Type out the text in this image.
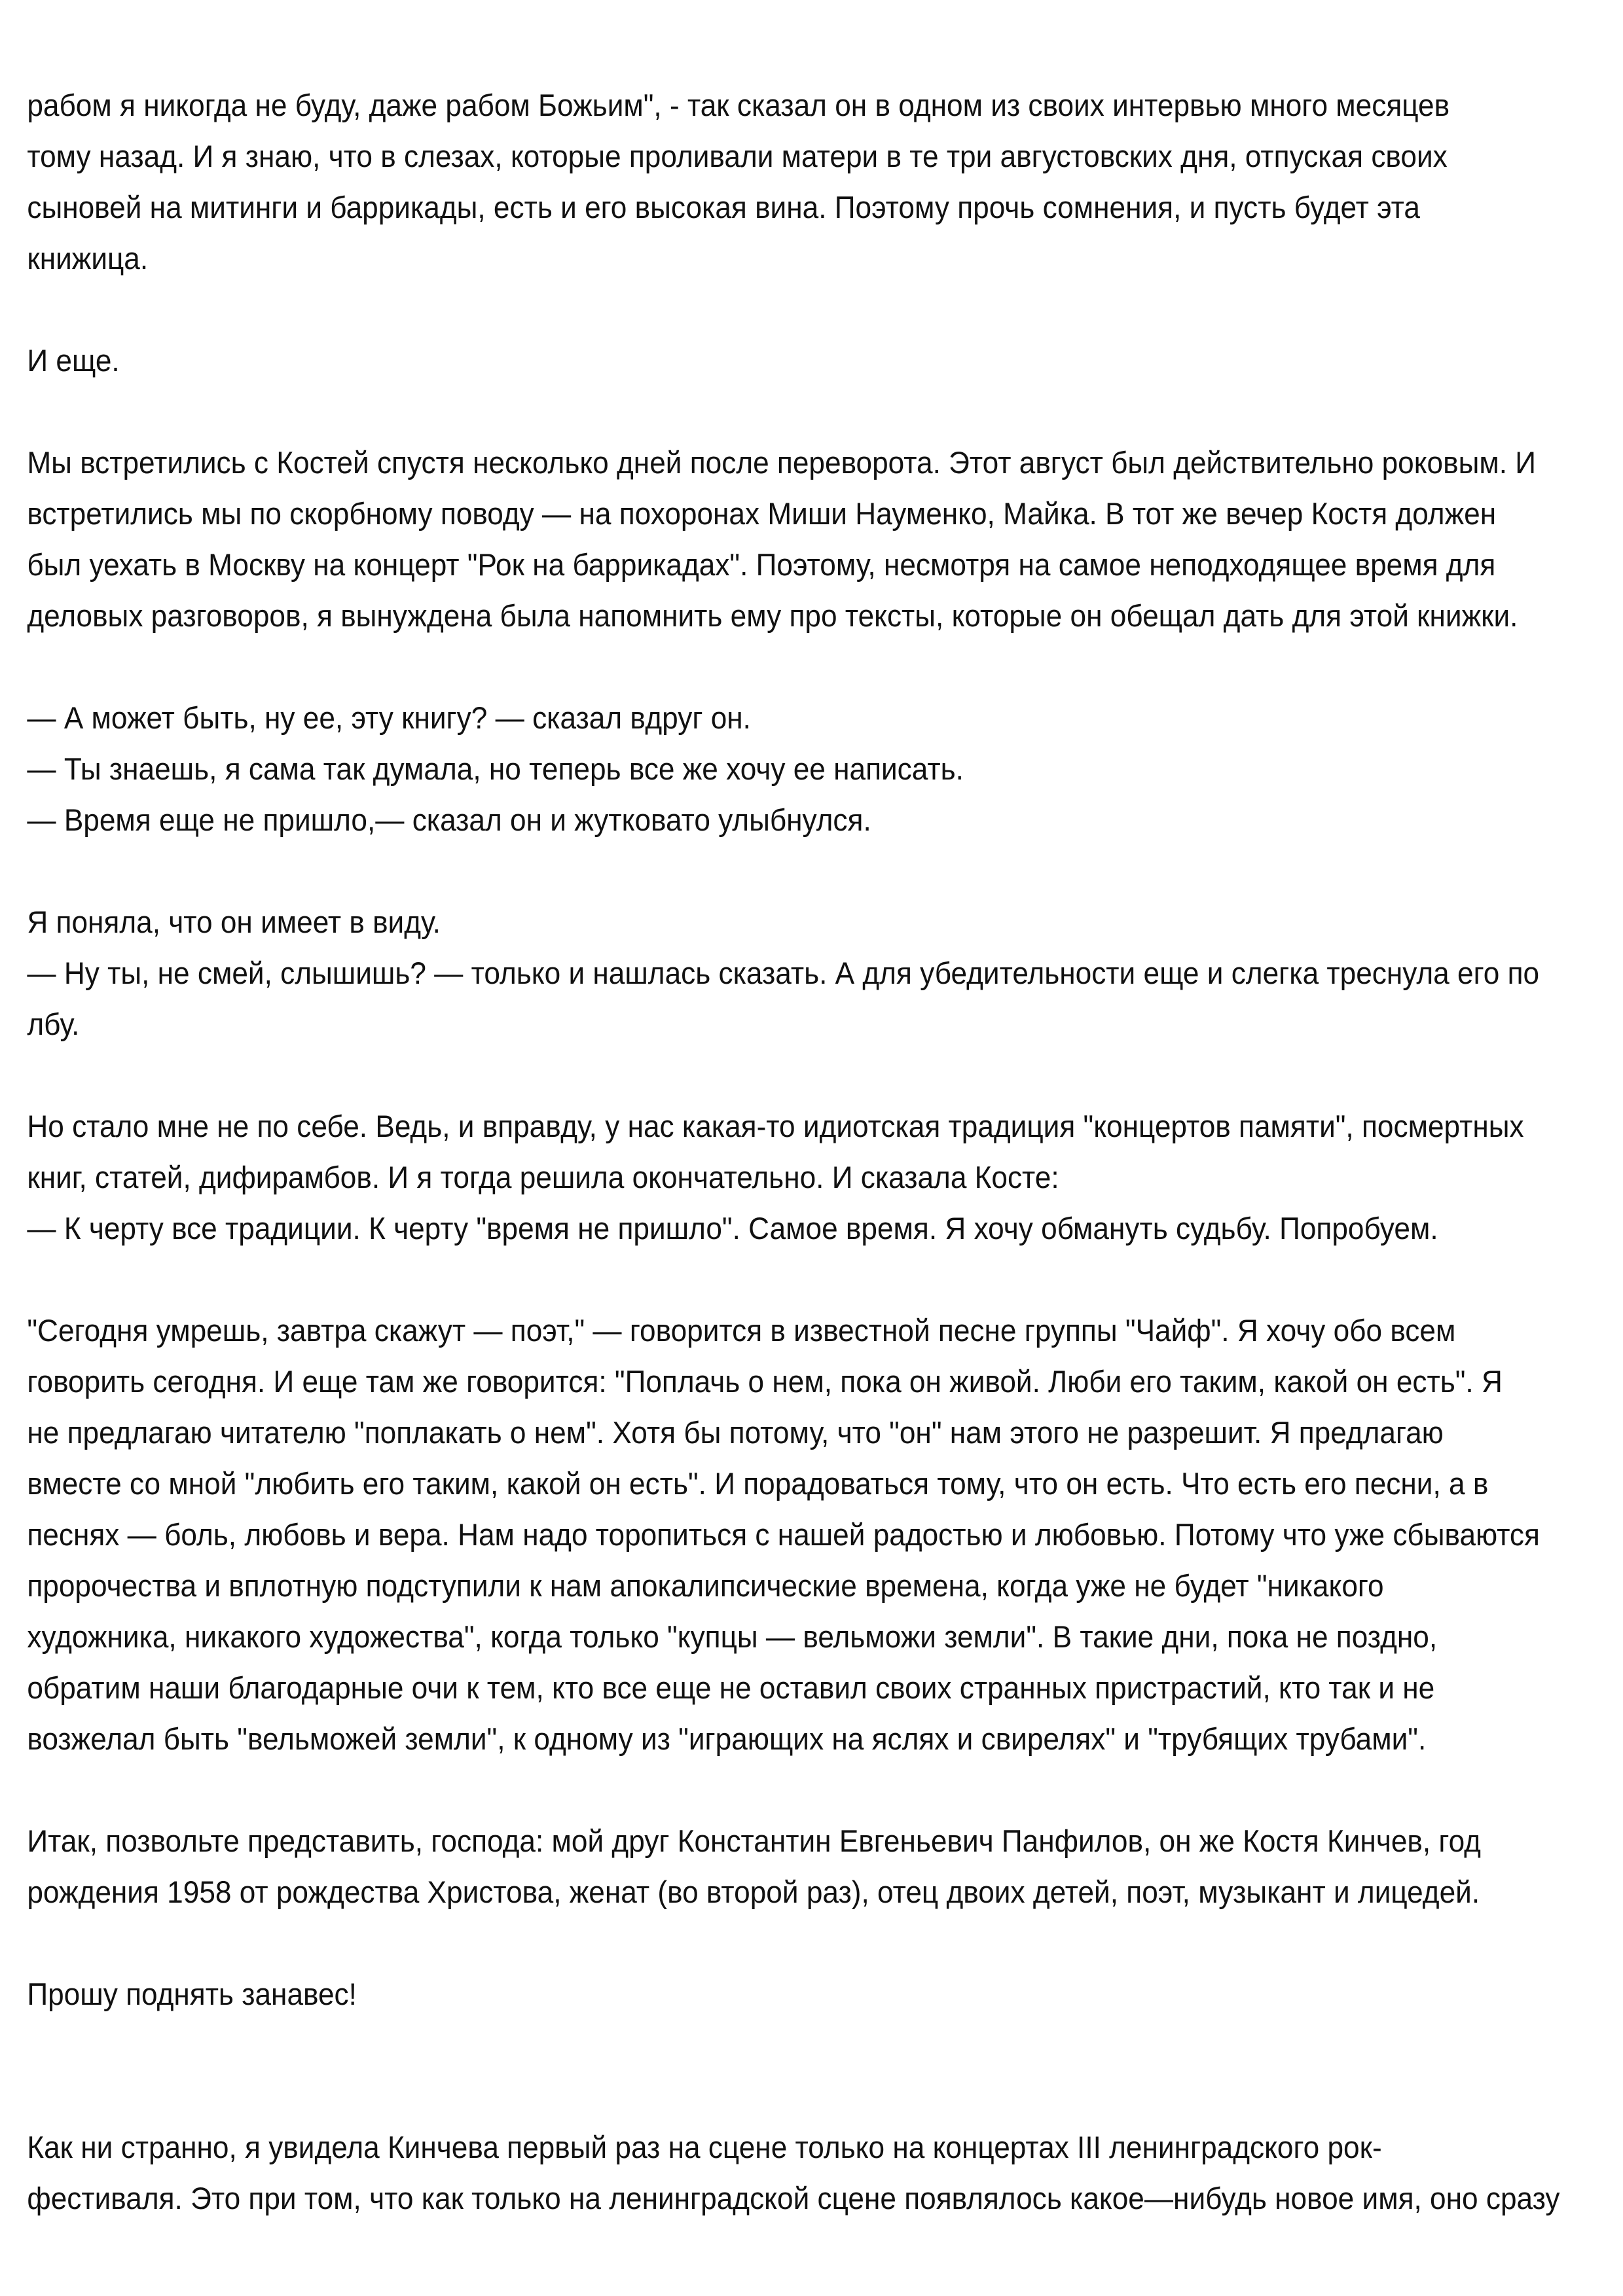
рабом я никогда не буду, даже рабом Божьим", - так сказал он в одном из своих интервью много месяцев
тому назад. И я знаю, что в слезах, которые проливали матери в те три августовских дня, отпуская своих
сыновей на митинги и баррикады, есть и его высокая вина. Поэтому прочь сомнения, и пусть будет эта
книжица.

И еще.

Мы встретились с Костей спустя несколько дней после переворота. Этот август был действительно роковым. И
встретились мы по скорбному поводу — на похоронах Миши Науменко, Майка. В тот же вечер Костя должен
был уехать в Москву на концерт "Рок на баррикадах". Поэтому, несмотря на самое неподходящее время для
деловых разговоров, я вынуждена была напомнить ему про тексты, которые он обещал дать для этой книжки.

— А может быть, ну ее, эту книгу? — сказал вдруг он.
— Ты знаешь, я сама так думала, но теперь все же хочу ее написать.
— Время еще не пришло,— сказал он и жутковато улыбнулся.

Я поняла, что он имеет в виду.
— Ну ты, не смей, слышишь? — только и нашлась сказать. А для убедительности еще и слегка треснула его по
лбу.

Но стало мне не по себе. Ведь, и вправду, у нас какая-то идиотская традиция "концертов памяти", посмертных
книг, статей, дифирамбов. И я тогда решила окончательно. И сказала Косте:
— К черту все традиции. К черту "время не пришло". Самое время. Я хочу обмануть судьбу. Попробуем.

"Сегодня умрешь, завтра скажут — поэт," — говорится в известной песне группы "Чайф". Я хочу обо всем
говорить сегодня. И еще там же говорится: "Поплачь о нем, пока он живой. Люби его таким, какой он есть". Я
не предлагаю читателю "поплакать о нем". Хотя бы потому, что "он" нам этого не разрешит. Я предлагаю
вместе со мной "любить его таким, какой он есть". И порадоваться тому, что он есть. Что есть его песни, а в
песнях — боль, любовь и вера. Нам надо торопиться с нашей радостью и любовью. Потому что уже сбываются
пророчества и вплотную подступили к нам апокалипсические времена, когда уже не будет "никакого
художника, никакого художества", когда только "купцы — вельможи земли". В такие дни, пока не поздно,
обратим наши благодарные очи к тем, кто все еще не оставил своих странных пристрастий, кто так и не
возжелал быть "вельможей земли", к одному из "играющих на яслях и свирелях" и "трубящих трубами".

Итак, позвольте представить, господа: мой друг Константин Евгеньевич Панфилов, он же Костя Кинчев, год
рождения 1958 от рождества Христова, женат (во второй раз), отец двоих детей, поэт, музыкант и лицедей.

Прошу поднять занавес!

Как ни странно, я увидела Кинчева первый раз на сцене только на концертах III ленинградского рок-
фестиваля. Это при том, что как только на ленинградской сцене появлялось какое—нибудь новое имя, оно сразу
